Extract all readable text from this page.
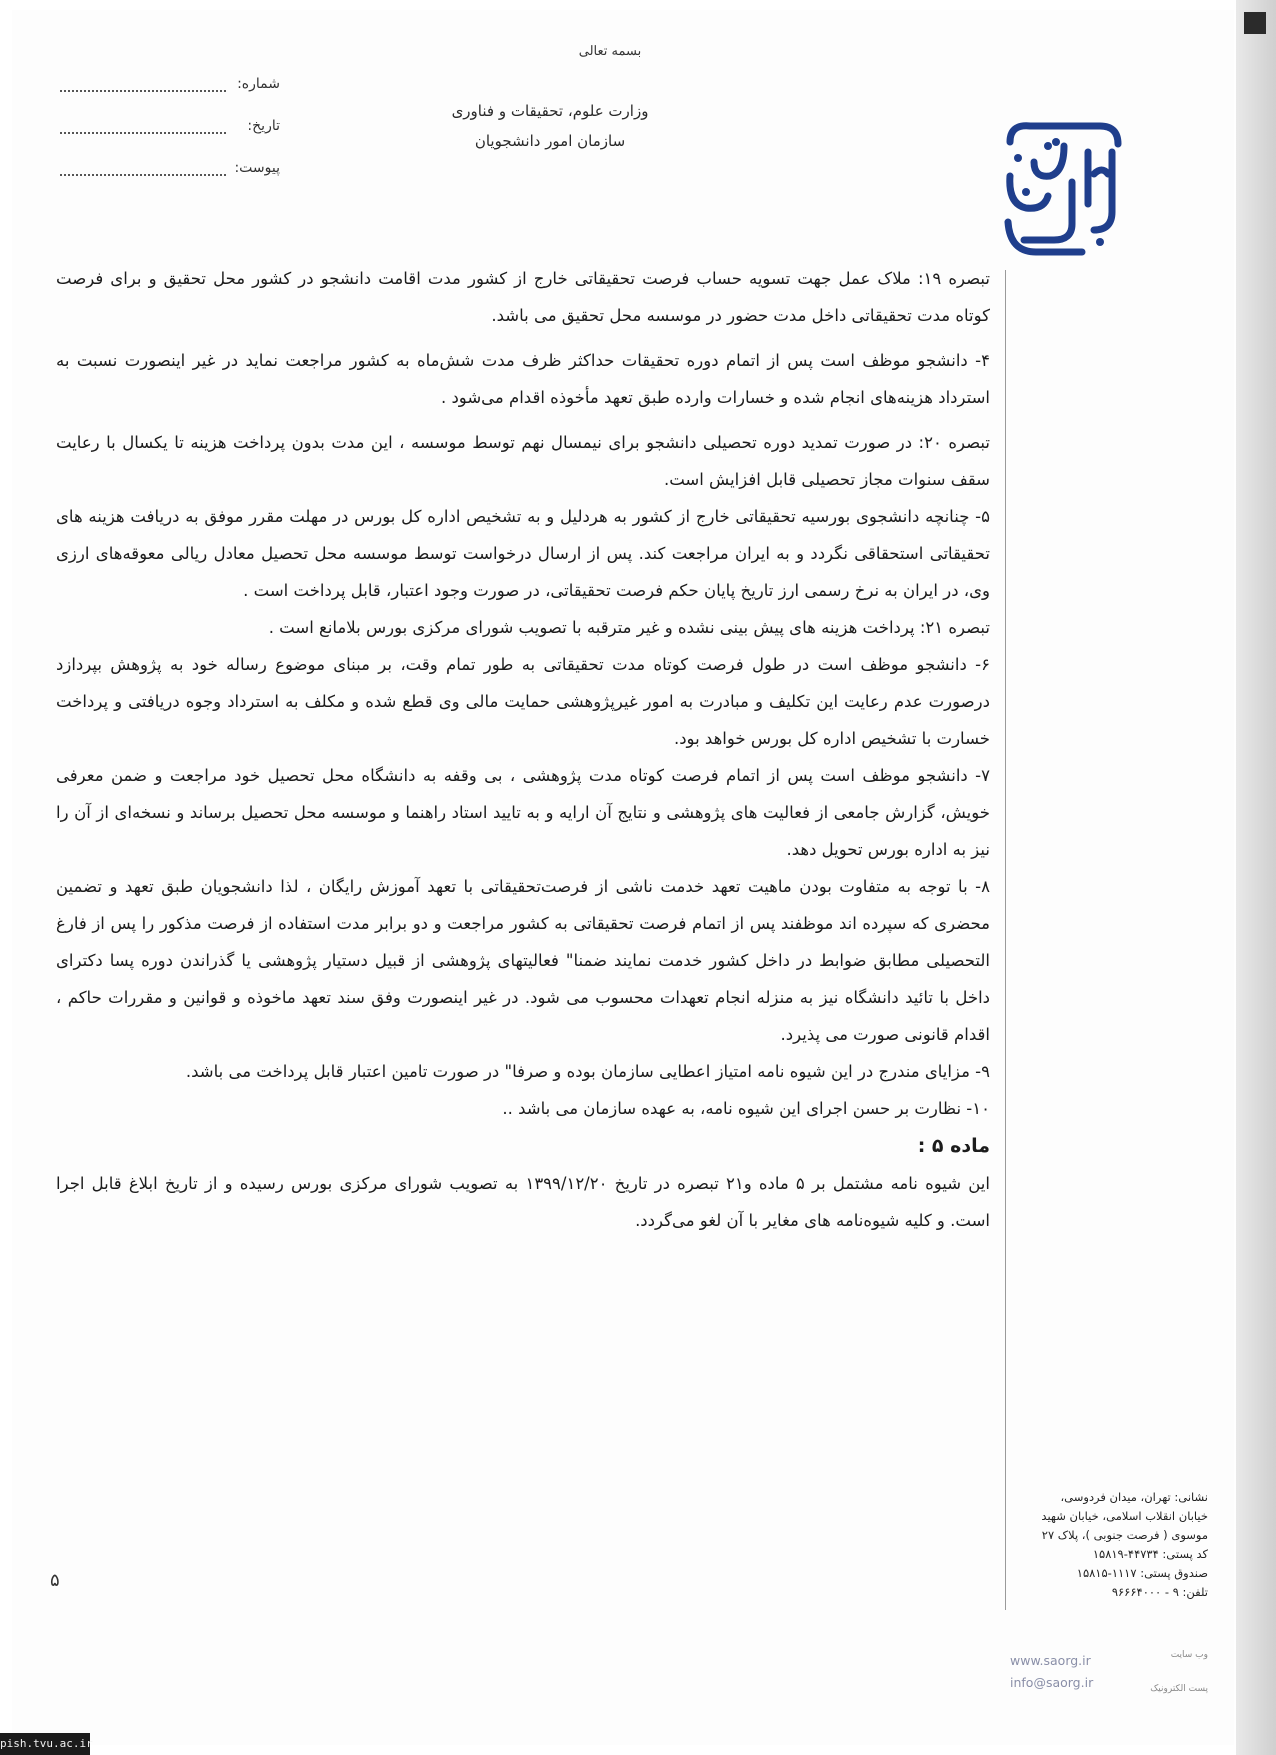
بسمه تعالی
وزارت علوم، تحقیقات و فناوری
سازمان امور دانشجویان
شماره:
تاریخ:
پیوست:

تبصره ۱۹: ملاک عمل جهت تسویه حساب فرصت تحقیقاتی خارج از کشور مدت اقامت دانشجو در کشور محل تحقیق و برای فرصت کوتاه مدت تحقیقاتی داخل مدت حضور در موسسه محل تحقیق می باشد.

۴- دانشجو موظف است پس از اتمام دوره تحقیقات حداکثر ظرف مدت شش‌ماه به کشور مراجعت نماید در غیر اینصورت نسبت به استرداد هزینه‌های انجام شده و خسارات وارده طبق تعهد مأخوذه اقدام می‌شود .

تبصره ۲۰: در صورت تمدید دوره تحصیلی دانشجو برای نیمسال نهم توسط موسسه ، این مدت بدون پرداخت هزینه تا یکسال با رعایت سقف سنوات مجاز تحصیلی قابل افزایش است.

۵- چنانچه دانشجوی بورسیه تحقیقاتی خارج از کشور به هردلیل و به تشخیص اداره کل بورس در مهلت مقرر موفق به دریافت هزینه های تحقیقاتی استحقاقی نگردد و به ایران مراجعت کند. پس از ارسال درخواست توسط موسسه محل تحصیل معادل ریالی معوقه‌های ارزی وی، در ایران به نرخ رسمی ارز تاریخ پایان حکم فرصت تحقیقاتی، در صورت وجود اعتبار، قابل پرداخت است .

تبصره ۲۱: پرداخت هزینه های پیش بینی نشده و غیر مترقبه با تصویب شورای مرکزی بورس بلامانع است .

۶- دانشجو موظف است در طول فرصت کوتاه مدت تحقیقاتی به طور تمام وقت، بر مبنای موضوع رساله خود به پژوهش بپردازد درصورت عدم رعایت این تکلیف و مبادرت به امور غیرپژوهشی حمایت مالی وی قطع شده و مکلف به استرداد وجوه دریافتی و پرداخت خسارت با تشخیص اداره کل بورس خواهد بود.

۷- دانشجو موظف است پس از اتمام فرصت کوتاه مدت پژوهشی ، بی وقفه به دانشگاه محل تحصیل خود مراجعت و ضمن معرفی خویش، گزارش جامعی از فعالیت های پژوهشی و نتایج آن ارایه و به تایید استاد راهنما و موسسه محل تحصیل برساند و نسخه‌ای از آن را نیز به اداره بورس تحویل دهد.

۸- با توجه به متفاوت بودن ماهیت تعهد خدمت ناشی از فرصت‌تحقیقاتی با تعهد آموزش رایگان ، لذا دانشجویان طبق تعهد و تضمین محضری که سپرده اند موظفند پس از اتمام فرصت تحقیقاتی به کشور مراجعت و دو برابر مدت استفاده از فرصت مذکور را پس از فارغ التحصیلی مطابق ضوابط در داخل کشور خدمت نمایند ضمنا" فعالیتهای پژوهشی از قبیل دستیار پژوهشی یا گذراندن دوره پسا دکترای داخل با تائید دانشگاه نیز به منزله انجام تعهدات محسوب می شود. در غیر اینصورت وفق سند تعهد ماخوذه و قوانین و مقررات حاکم ، اقدام قانونی صورت می پذیرد.

۹- مزایای مندرج در این شیوه نامه امتیاز اعطایی سازمان بوده و صرفا" در صورت تامین اعتبار قابل پرداخت می باشد.

۱۰- نظارت بر حسن اجرای این شیوه نامه، به عهده سازمان می باشد ..

ماده ۵ :

این شیوه نامه مشتمل بر ۵ ماده و۲۱ تبصره در تاریخ ۱۳۹۹/۱۲/۲۰ به تصویب شورای مرکزی بورس رسیده و از تاریخ ابلاغ قابل اجرا است. و کلیه شیوه‌نامه های مغایر با آن لغو می‌گردد.

نشانی: تهران، میدان فردوسی،
خیابان انقلاب اسلامی، خیابان شهید
موسوی ( فرصت جنوبی )، پلاک ۲۷
کد پستی: ۴۴۷۳۴-۱۵۸۱۹
صندوق پستی: ۱۱۱۷-۱۵۸۱۵
تلفن: ۹ - ۹۶۶۶۴۰۰۰
www.saorg.ir	وب سایت
info@saorg.ir	پست الکترونیک
۵
pish.tvu.ac.ir
